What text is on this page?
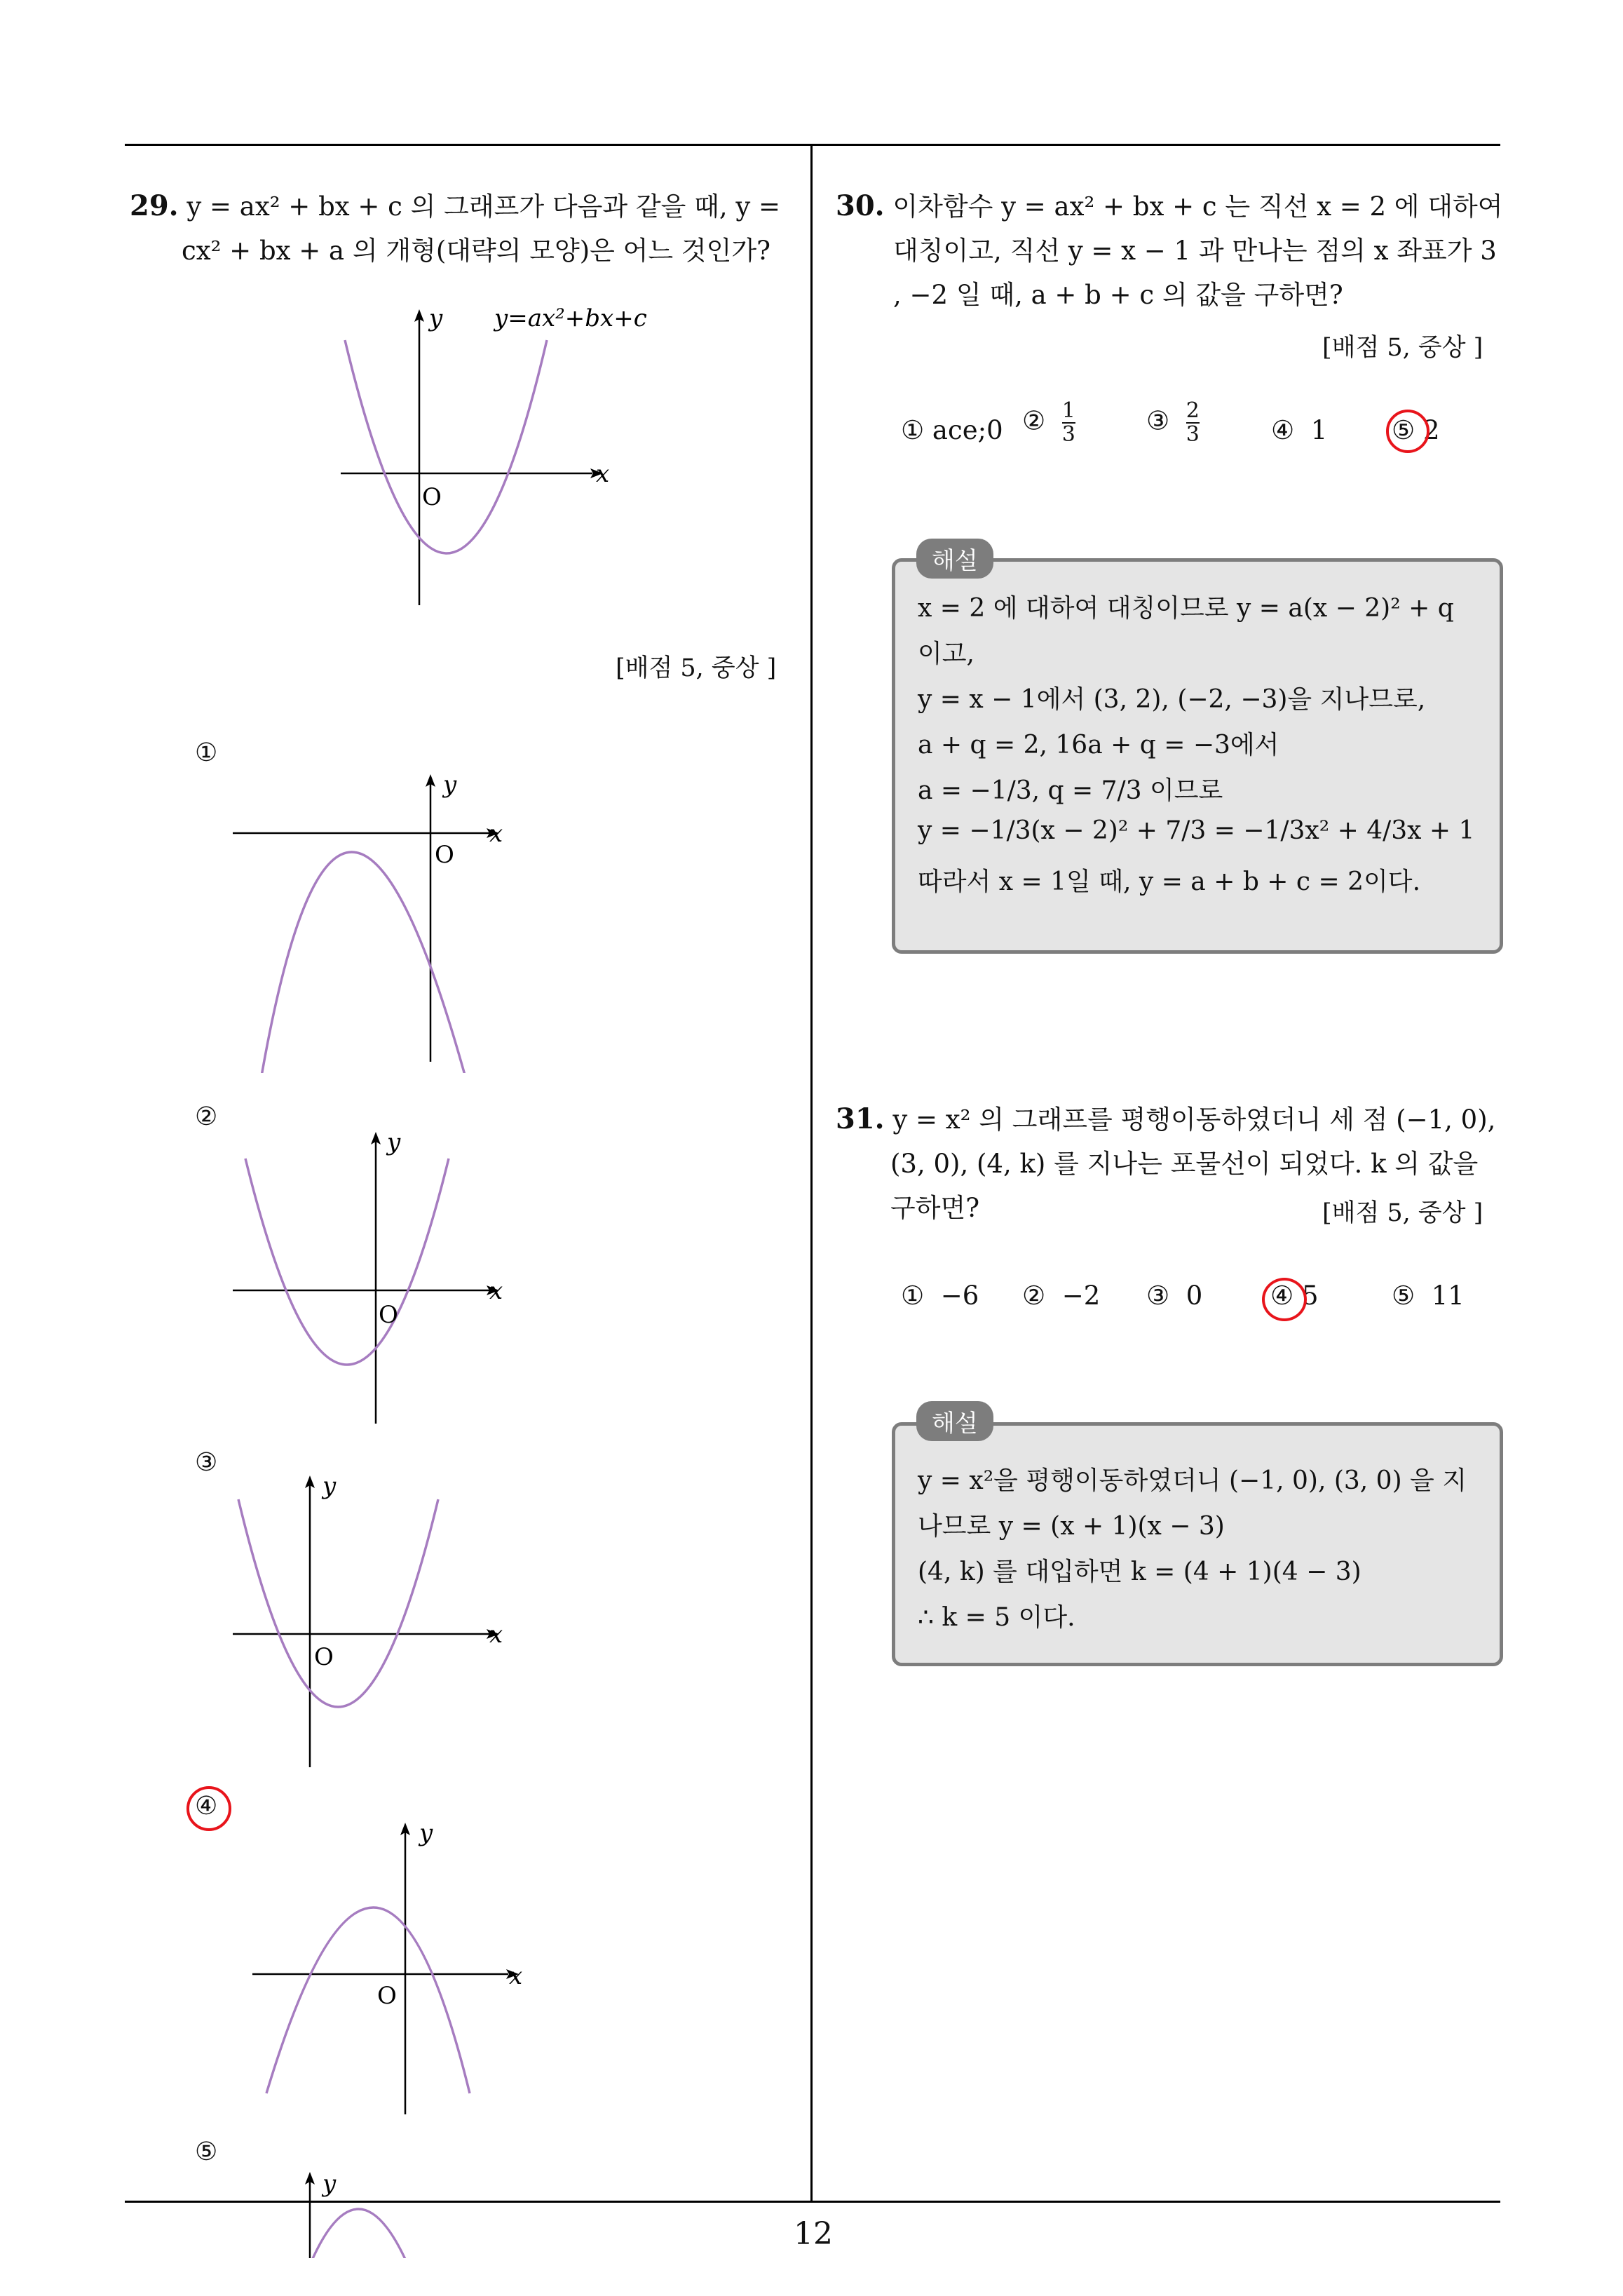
12
29. y = ax² + bx + c 의 그래프가 다음과 같을 때, y =
cx² + bx + a 의 개형(대략의 모양)은 어느 것인가?
x
y
O
y=ax²+bx+c
[배점 5, 중상 ]
①
x
y
O
②
x
y
O
③
x
y
O
④
x
y
O
⑤
y
30. 이차함수 y = ax² + bx + c 는 직선 x = 2 에 대하여
대칭이고, 직선 y = x − 1 과 만나는 점의 x 좌표가 3
, −2 일 때, a + b + c 의 값을 구하면?
[배점 5, 중상 ]
① ace;0 ② $\frac{1}{3}$	③ $\frac{2}{3}$	④ 1 ⑤ 2
x = 2 에 대하여 대칭이므로 y = a(x − 2)² + q
이고,
y = x − 1에서 (3, 2), (−2, −3)을 지나므로,
a + q = 2, 16a + q = −3에서
a = −1/3, q = 7/3 이므로
y = −1/3(x − 2)² + 7/3 = −1/3x² + 4/3x + 1
따라서 x = 1일 때, y = a + b + c = 2이다.
해설
31. y = x² 의 그래프를 평행이동하였더니 세 점 (−1, 0),
(3, 0), (4, k) 를 지나는 포물선이 되었다. k 의 값을
구하면?	[배점 5, 중상 ]
① −6 ② −2 ③ 0	④ 5	⑤ 11
y = x²을 평행이동하였더니 (−1, 0), (3, 0) 을 지
나므로 y = (x + 1)(x − 3)
(4, k) 를 대입하면 k = (4 + 1)(4 − 3)
∴ k = 5 이다.
해설
